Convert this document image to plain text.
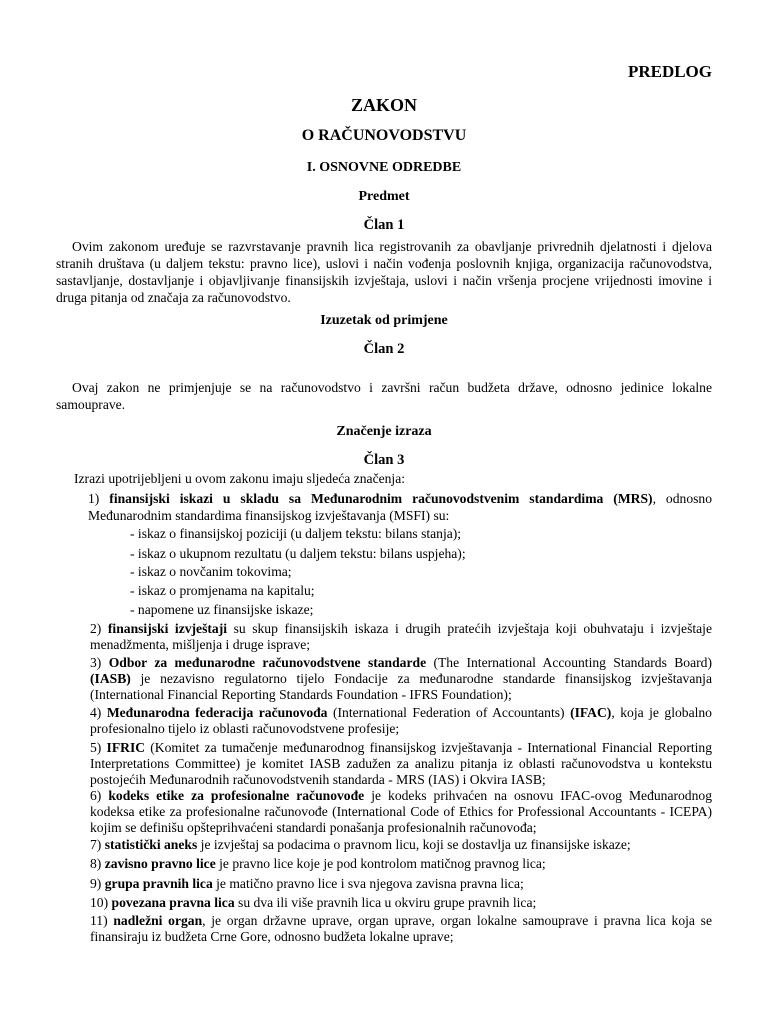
PREDLOG
ZAKON
O RAČUNOVODSTVU
I. OSNOVNE ODREDBE
Predmet
Član 1
Ovim zakonom uređuje se razvrstavanje pravnih lica registrovanih za obavljanje privrednih djelatnosti i djelova stranih društava (u daljem tekstu: pravno lice), uslovi i način vođenja poslovnih knjiga, organizacija računovodstva, sastavljanje, dostavljanje i objavljivanje finansijskih izvještaja, uslovi i način vršenja procjene vrijednosti imovine i druga pitanja od značaja za računovodstvo.
Izuzetak od primjene
Član 2
Ovaj zakon ne primjenjuje se na računovodstvo i završni račun budžeta države, odnosno jedinice lokalne samouprave.
Značenje izraza
Član 3
Izrazi upotrijebljeni u ovom zakonu imaju sljedeća značenja:
1) finansijski iskazi u skladu sa Međunarodnim računovodstvenim standardima (MRS), odnosno Međunarodnim standardima finansijskog izvještavanja (MSFI) su:
- iskaz o finansijskoj poziciji (u daljem tekstu: bilans stanja);
- iskaz o ukupnom rezultatu (u daljem tekstu: bilans uspjeha);
- iskaz o novčanim tokovima;
- iskaz o promjenama na kapitalu;
- napomene uz finansijske iskaze;
2) finansijski izvještaji su skup finansijskih iskaza i drugih pratećih izvještaja koji obuhvataju i izvještaje menadžmenta, mišljenja i druge isprave;
3) Odbor za međunarodne računovodstvene standarde (The International Accounting Standards Board) (IASB) je nezavisno regulatorno tijelo Fondacije za međunarodne standarde finansijskog izvještavanja (International Financial Reporting Standards Foundation - IFRS Foundation);
4) Međunarodna federacija računovođa (International Federation of Accountants) (IFAC), koja je globalno profesionalno tijelo iz oblasti računovodstvene profesije;
5) IFRIC (Komitet za tumačenje međunarodnog finansijskog izvještavanja - International Financial Reporting Interpretations Committee) je komitet IASB zadužen za analizu pitanja iz oblasti računovodstva u kontekstu postojećih Međunarodnih računovodstvenih standarda - MRS (IAS) i Okvira IASB;
6) kodeks etike za profesionalne računovođe je kodeks prihvaćen na osnovu IFAC-ovog Međunarodnog kodeksa etike za profesionalne računovođe (International Code of Ethics for Professional Accountants - ICEPA) kojim se definišu opšteprihvaćeni standardi ponašanja profesionalnih računovođa;
7) statistički aneks je izvještaj sa podacima o pravnom licu, koji se dostavlja uz finansijske iskaze;
8) zavisno pravno lice je pravno lice koje je pod kontrolom matičnog pravnog lica;
9) grupa pravnih lica je matično pravno lice i sva njegova zavisna pravna lica;
10) povezana pravna lica su dva ili više pravnih lica u okviru grupe pravnih lica;
11) nadležni organ, je organ državne uprave, organ uprave, organ lokalne samouprave i pravna lica koja se finansiraju iz budžeta Crne Gore, odnosno budžeta lokalne uprave;
